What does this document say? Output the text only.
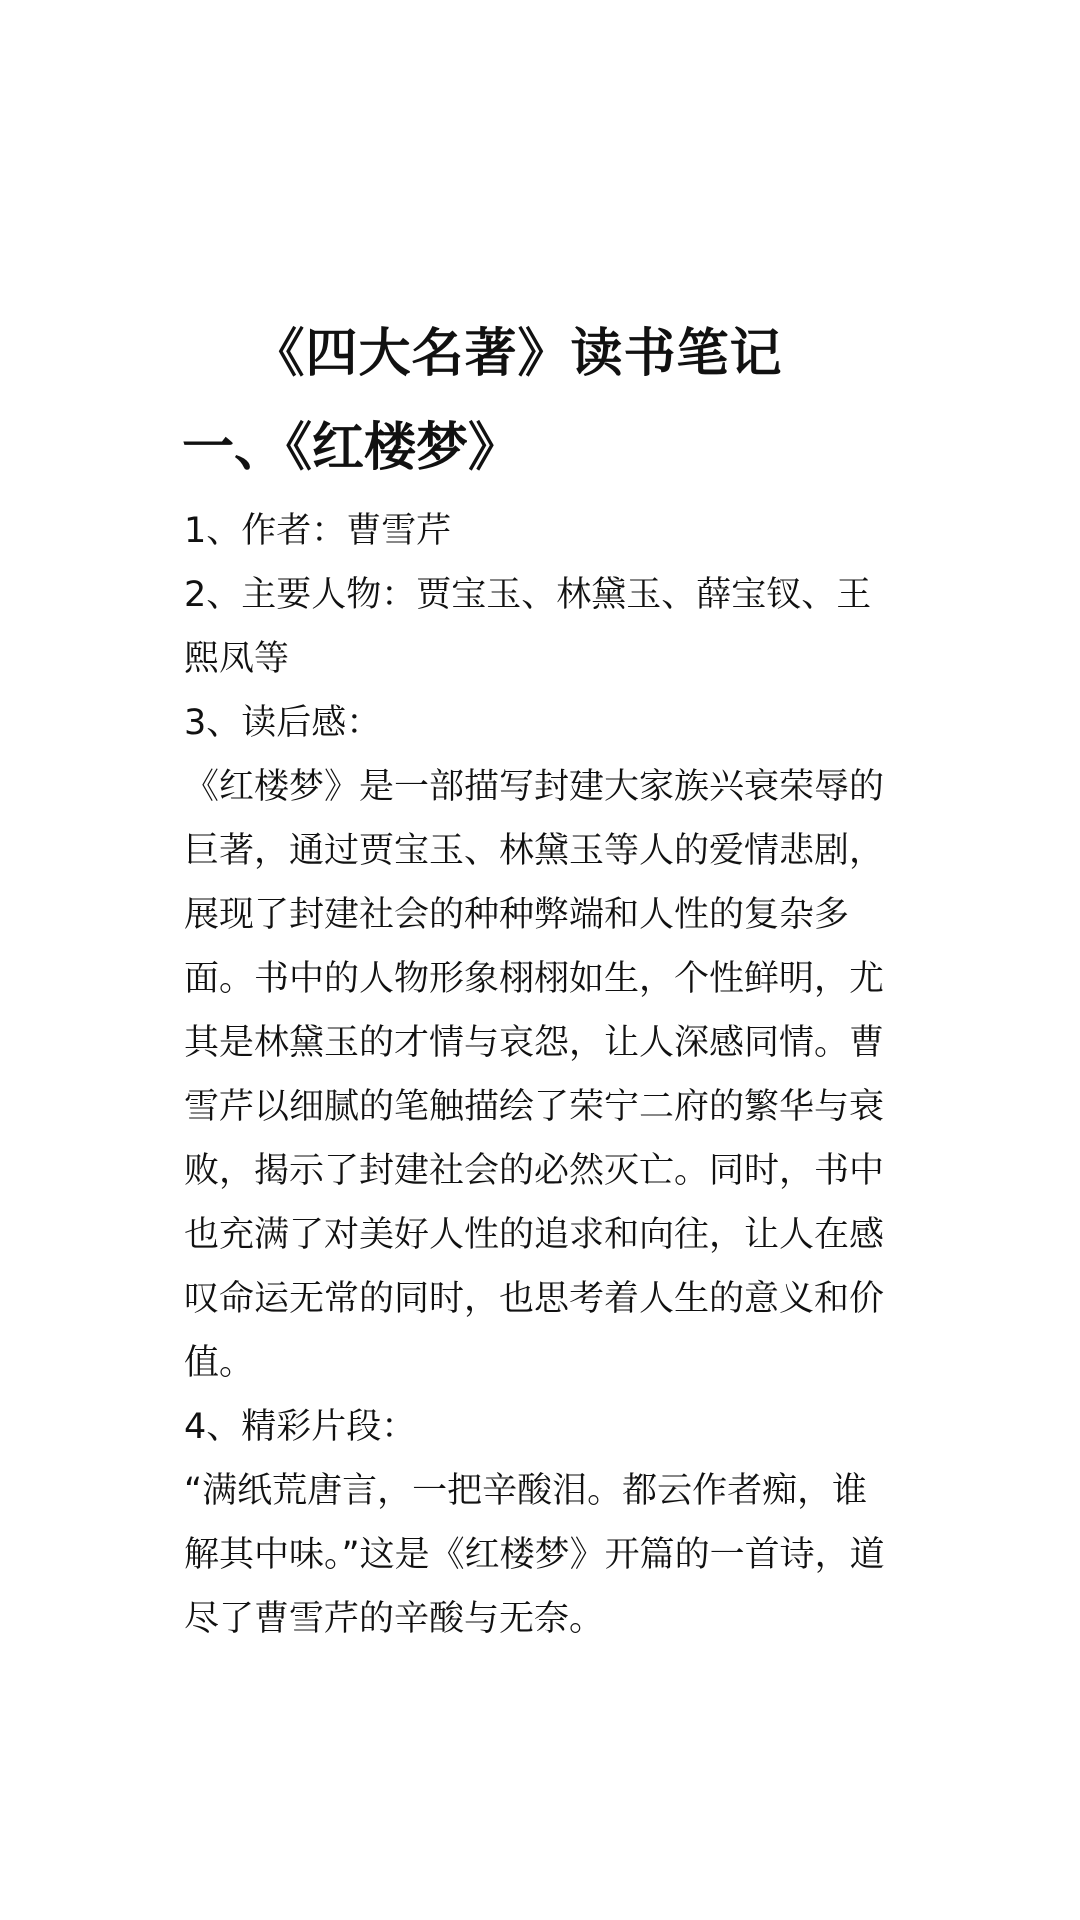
《四大名著》读书笔记
一、《红楼梦》

1、作者：曹雪芹

2、主要人物：贾宝玉、林黛玉、薛宝钗、王熙凤等

3、读后感：

《红楼梦》是一部描写封建大家族兴衰荣辱的巨著，通过贾宝玉、林黛玉等人的爱情悲剧，展现了封建社会的种种弊端和人性的复杂多面。书中的人物形象栩栩如生，个性鲜明，尤其是林黛玉的才情与哀怨，让人深感同情。曹雪芹以细腻的笔触描绘了荣宁二府的繁华与衰败，揭示了封建社会的必然灭亡。同时，书中也充满了对美好人性的追求和向往，让人在感叹命运无常的同时，也思考着人生的意义和价值。

4、精彩片段：

“满纸荒唐言，一把辛酸泪。都云作者痴，谁解其中味。”这是《红楼梦》开篇的一首诗，道尽了曹雪芹的辛酸与无奈。
